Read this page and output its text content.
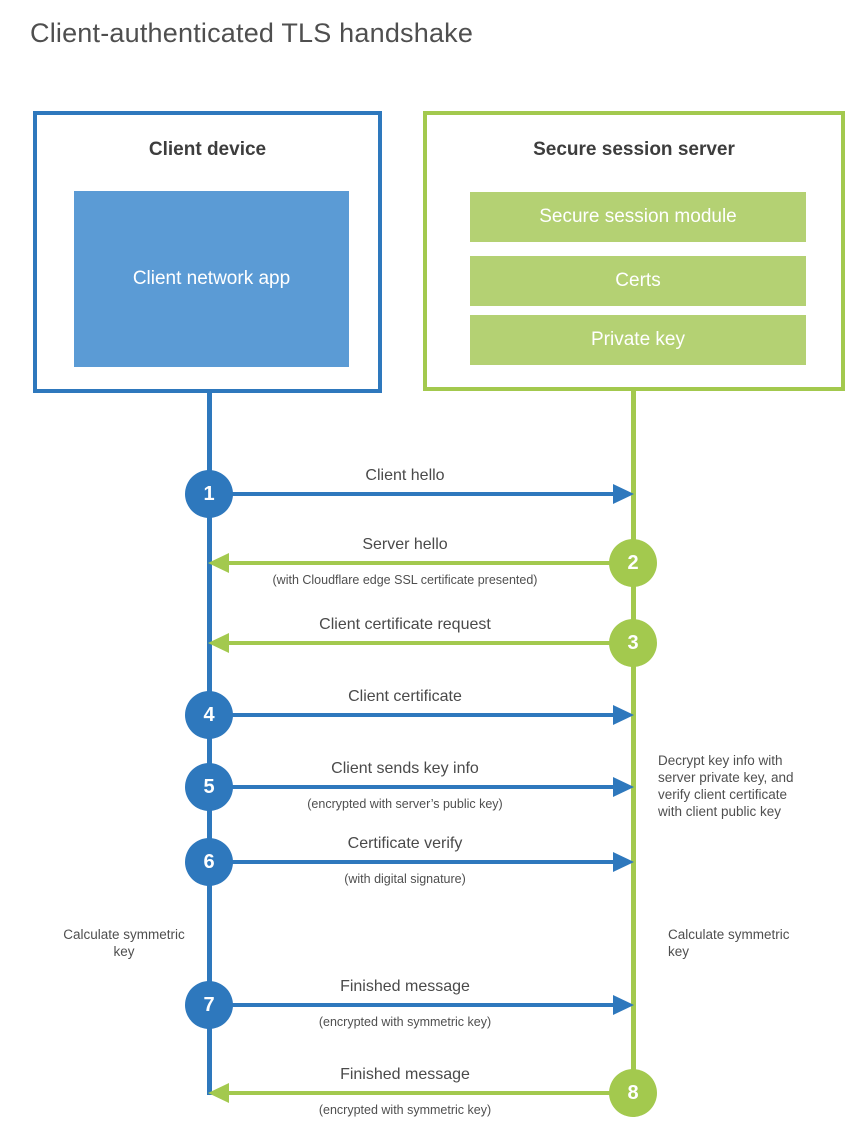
Client-authenticated TLS handshake
Client device
Client network app
Secure session server
Secure session module
Certs
Private key
Client hello
1
Server hello
(with Cloudflare edge SSL certificate presented)
2
Client certificate request
3
Client certificate
4
Client sends key info
(encrypted with server’s public key)
5
Certificate verify
(with digital signature)
6
Finished message
(encrypted with symmetric key)
7
Finished message
(encrypted with symmetric key)
8
Decrypt key info with server private key, and verify client certificate with client public key
Calculate symmetric key
Calculate symmetric key
